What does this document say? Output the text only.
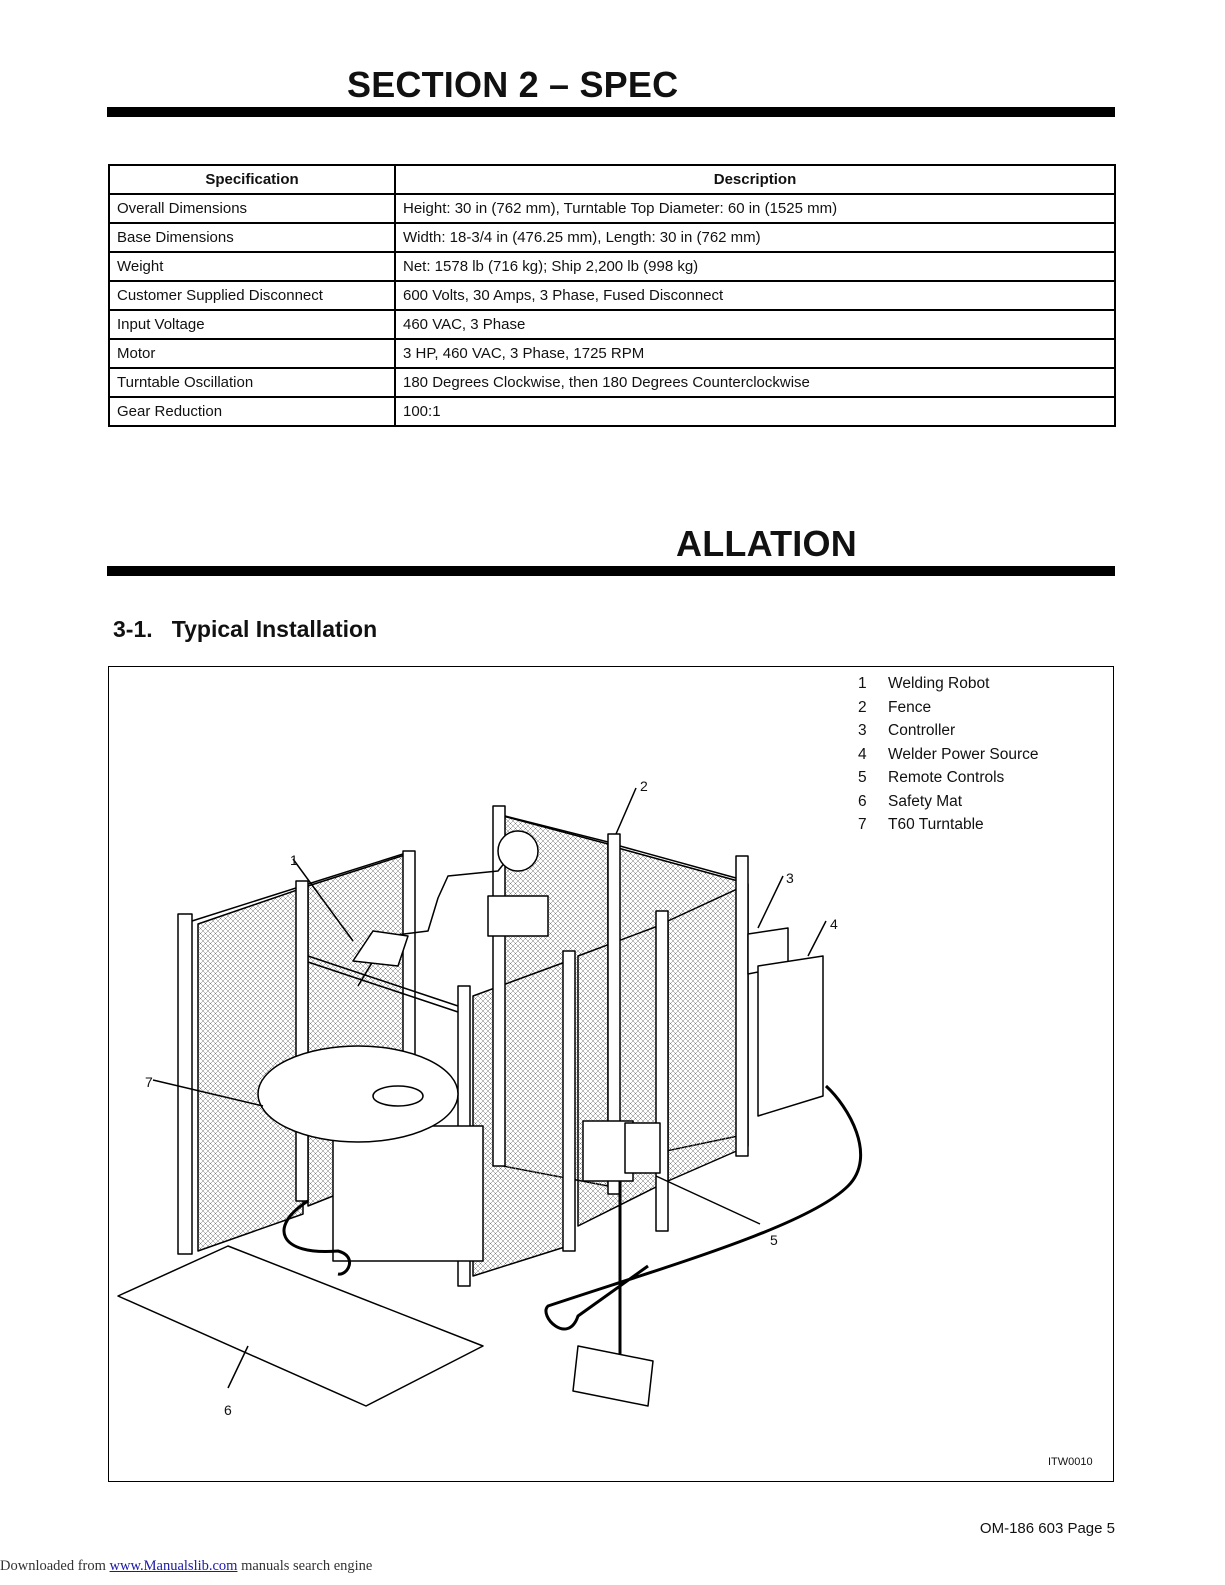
SECTION 2 – SPEC
Specification	Description
Overall Dimensions	Height: 30 in (762 mm), Turntable Top Diameter: 60 in (1525 mm)
Base Dimensions	Width: 18-3/4 in (476.25 mm), Length: 30 in (762 mm)
Weight	Net: 1578 lb (716 kg); Ship 2,200 lb (998 kg)
Customer Supplied Disconnect	600 Volts, 30 Amps, 3 Phase, Fused Disconnect
Input Voltage	460 VAC, 3 Phase
Motor	3 HP, 460 VAC, 3 Phase, 1725 RPM
Turntable Oscillation	180 Degrees Clockwise, then 180 Degrees Counterclockwise
Gear Reduction	100:1
ALLATION
3-1.   Typical Installation
1
2
3
4
5
6
7
1	Welding Robot
2	Fence
3	Controller
4	Welder Power Source
5	Remote Controls
6	Safety Mat
7	T60 Turntable
ITW0010
OM-186 603 Page 5
Downloaded from www.Manualslib.com manuals search engine
